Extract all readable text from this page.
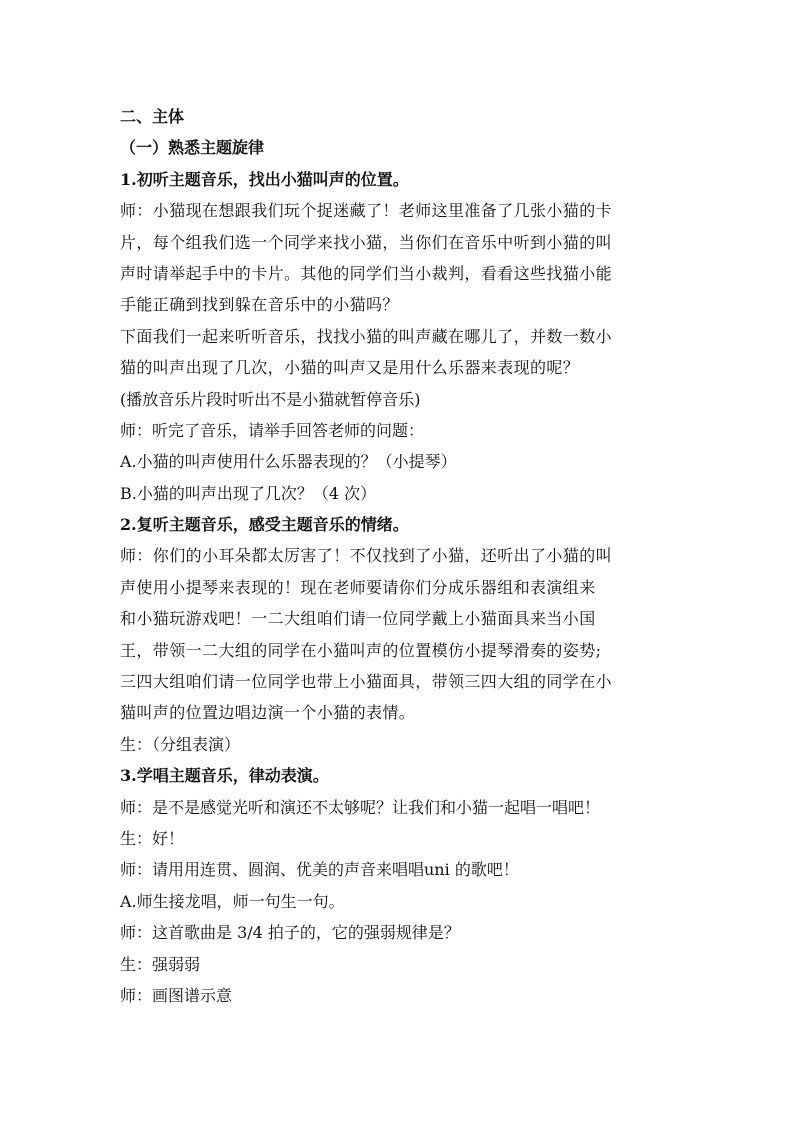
二、主体
（一）熟悉主题旋律
1.初听主题音乐，找出小猫叫声的位置。
师：小猫现在想跟我们玩个捉迷藏了！老师这里准备了几张小猫的卡
片，每个组我们选一个同学来找小猫，当你们在音乐中听到小猫的叫
声时请举起手中的卡片。其他的同学们当小裁判，看看这些找猫小能
手能正确到找到躲在音乐中的小猫吗？
下面我们一起来听听音乐，找找小猫的叫声藏在哪儿了，并数一数小
猫的叫声出现了几次，小猫的叫声又是用什么乐器来表现的呢？
(播放音乐片段时听出不是小猫就暂停音乐)
师：听完了音乐，请举手回答老师的问题：
A.小猫的叫声使用什么乐器表现的？（小提琴）
B.小猫的叫声出现了几次？（4 次）
2.复听主题音乐，感受主题音乐的情绪。
师：你们的小耳朵都太厉害了！不仅找到了小猫，还听出了小猫的叫
声使用小提琴来表现的！现在老师要请你们分成乐器组和表演组来
和小猫玩游戏吧！一二大组咱们请一位同学戴上小猫面具来当小国
王，带领一二大组的同学在小猫叫声的位置模仿小提琴滑奏的姿势;
三四大组咱们请一位同学也带上小猫面具，带领三四大组的同学在小
猫叫声的位置边唱边演一个小猫的表情。
生：（分组表演）
3.学唱主题音乐，律动表演。
师：是不是感觉光听和演还不太够呢？让我们和小猫一起唱一唱吧！
生：好！
师：请用用连贯、圆润、优美的声音来唱唱uni 的歌吧！
A.师生接龙唱，师一句生一句。
师：这首歌曲是 3/4 拍子的，它的强弱规律是？
生：强弱弱
师：画图谱示意
